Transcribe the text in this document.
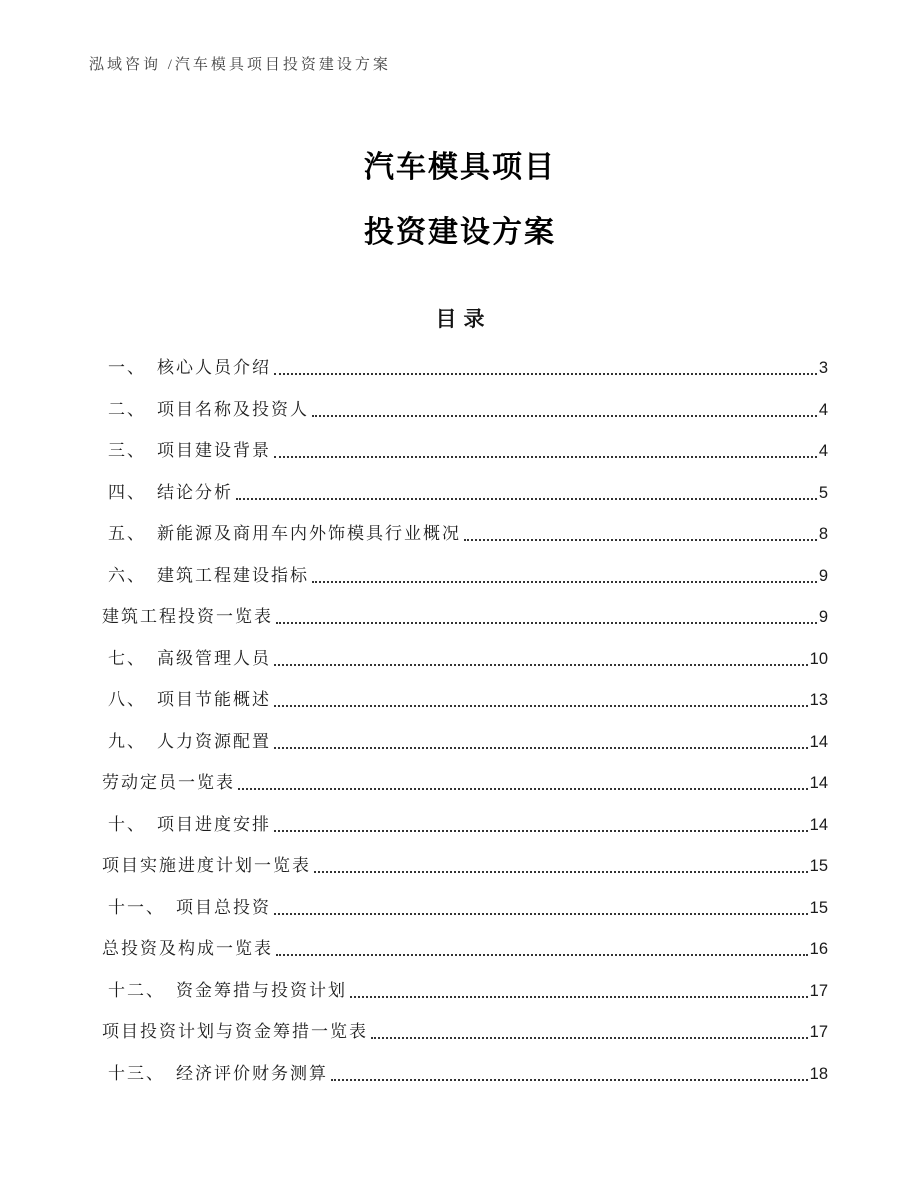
泓域咨询 /汽车模具项目投资建设方案
汽车模具项目
投资建设方案
目录
一、 核心人员介绍	3
二、 项目名称及投资人	4
三、 项目建设背景	4
四、 结论分析	5
五、 新能源及商用车内外饰模具行业概况	8
六、 建筑工程建设指标	9
建筑工程投资一览表	9
七、 高级管理人员	10
八、 项目节能概述	13
九、 人力资源配置	14
劳动定员一览表	14
十、 项目进度安排	14
项目实施进度计划一览表	15
十一、 项目总投资	15
总投资及构成一览表	16
十二、 资金筹措与投资计划	17
项目投资计划与资金筹措一览表	17
十三、 经济评价财务测算	18
